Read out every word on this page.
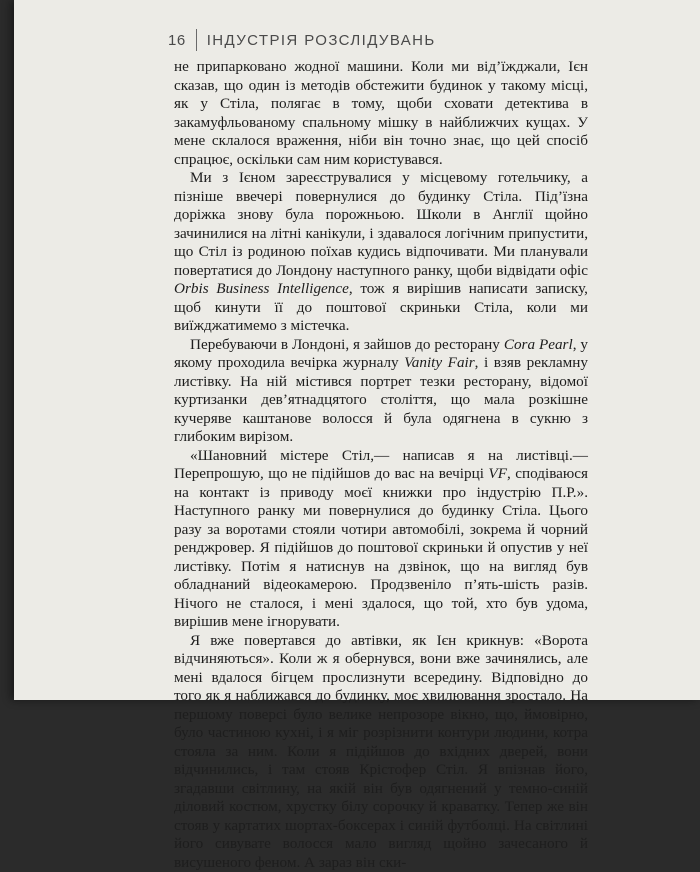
16 ІНДУСТРІЯ РОЗСЛІДУВАНЬ

не припарковано жодної машини. Коли ми від’їжджали, Ієн сказав, що один із методів обстежити будинок у такому місці, як у Стіла, полягає в тому, щоби сховати детектива в закамуфльованому спальному мішку в найближчих кущах. У мене склалося враження, ніби він точно знає, що цей спосіб спрацює, оскільки сам ним користувався.

Ми з Ієном зареєструвалися у місцевому готельчику, а пізніше ввечері повернулися до будинку Стіла. Під’їзна доріжка знову була порожньою. Школи в Англії щойно зачинилися на літні канікули, і здавалося логічним припустити, що Стіл із родиною поїхав кудись відпочивати. Ми планували повертатися до Лондону наступного ранку, щоби відвідати офіс Orbis Business Intelligence, тож я вирішив написати записку, щоб кинути її до поштової скриньки Стіла, коли ми виїжджатимемо з містечка.

Перебуваючи в Лондоні, я зайшов до ресторану Cora Pearl, у якому проходила вечірка журналу Vanity Fair, і взяв рекламну листівку. На ній містився портрет тезки ресторану, відомої куртизанки дев’ятнадцятого століття, що мала розкішне кучеряве каштанове волосся й була одягнена в сукню з глибоким вирізом.

«Шановний містере Стіл,— написав я на листівці.— Перепрошую, що не підійшов до вас на вечірці VF, сподіваюся на контакт із приводу моєї книжки про індустрію П.Р.». Наступного ранку ми повернулися до будинку Стіла. Цього разу за воротами стояли чотири автомобілі, зокрема й чорний ренджровер. Я підійшов до поштової скриньки й опустив у неї листівку. Потім я натиснув на дзвінок, що на вигляд був обладнаний відеокамерою. Продзвеніло п’ять-шість разів. Нічого не сталося, і мені здалося, що той, хто був удома, вирішив мене ігнорувати.

Я вже повертався до автівки, як Ієн крикнув: «Ворота відчиняються». Коли ж я обернувся, вони вже зачинялись, але мені вдалося бігцем прослизнути всередину. Відповідно до того як я наближався до будинку, моє хвилювання зростало. На першому поверсі було велике непрозоре вікно, що, ймовірно, було частиною кухні, і я міг розрізнити контури людини, котра стояла за ним. Коли я підійшов до вхідних дверей, вони відчинились, і там стояв Крістофер Стіл. Я впізнав його, згадавши світлину, на якій він був одягнений у темно-синій діловий костюм, хрустку білу сорочку й краватку. Тепер же він стояв у картатих шортах-боксерах і синій футболці. На світлині його сивувате волосся мало вигляд щойно зачесаного й висушеного феном. А зараз він ски-
